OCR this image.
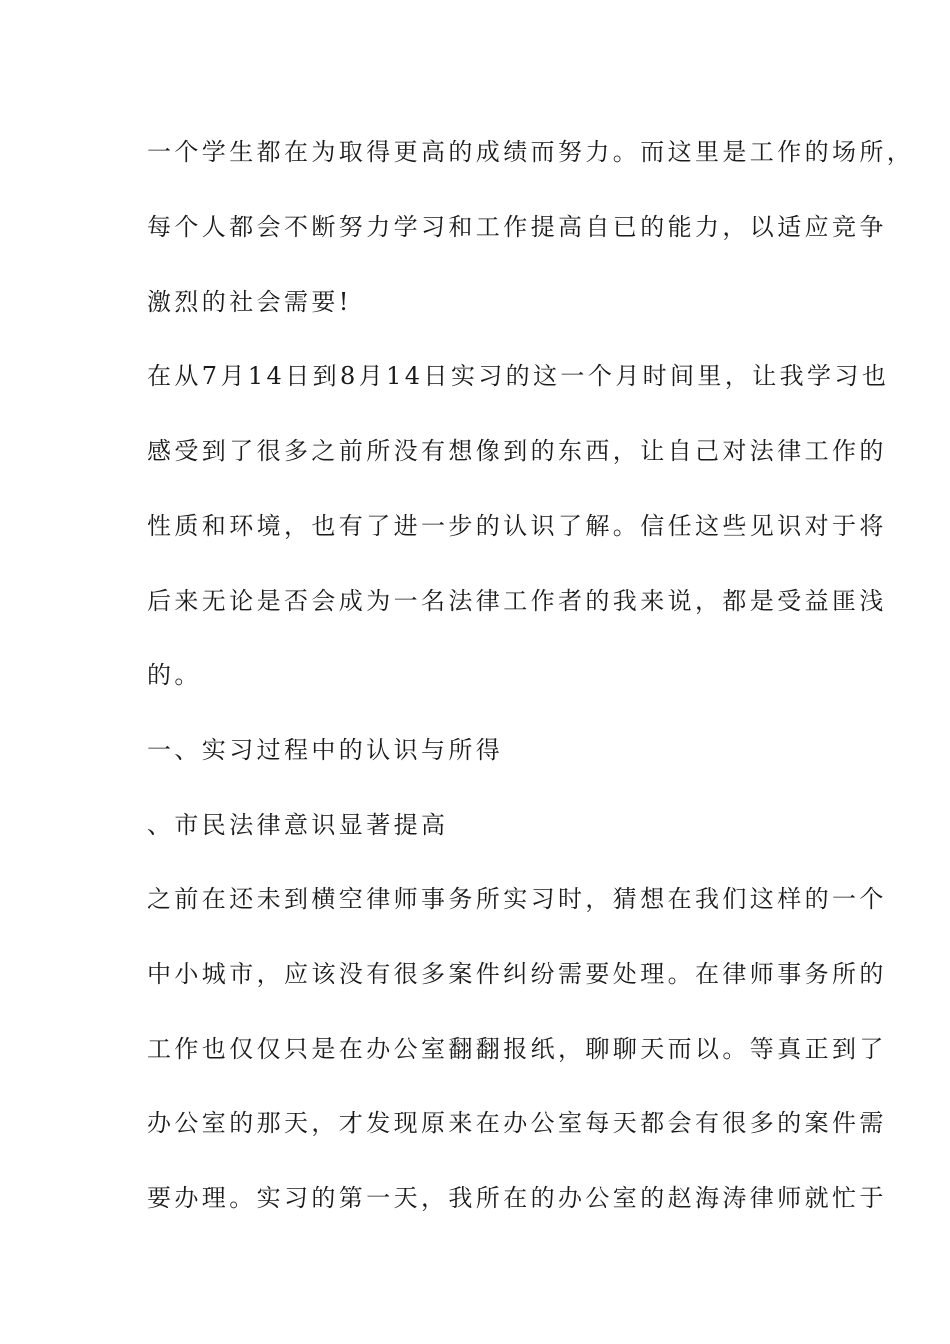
一个学生都在为取得更高的成绩而努力。而这里是工作的场所，
每个人都会不断努力学习和工作提高自已的能力，以适应竞争
激烈的社会需要!
在从7月14日到8月14日实习的这一个月时间里，让我学习也
感受到了很多之前所没有想像到的东西，让自己对法律工作的
性质和环境，也有了进一步的认识了解。信任这些见识对于将
后来无论是否会成为一名法律工作者的我来说，都是受益匪浅
的。
一、实习过程中的认识与所得
、市民法律意识显著提高
之前在还未到横空律师事务所实习时，猜想在我们这样的一个
中小城市，应该没有很多案件纠纷需要处理。在律师事务所的
工作也仅仅只是在办公室翻翻报纸，聊聊天而以。等真正到了
办公室的那天，才发现原来在办公室每天都会有很多的案件需
要办理。实习的第一天，我所在的办公室的赵海涛律师就忙于
